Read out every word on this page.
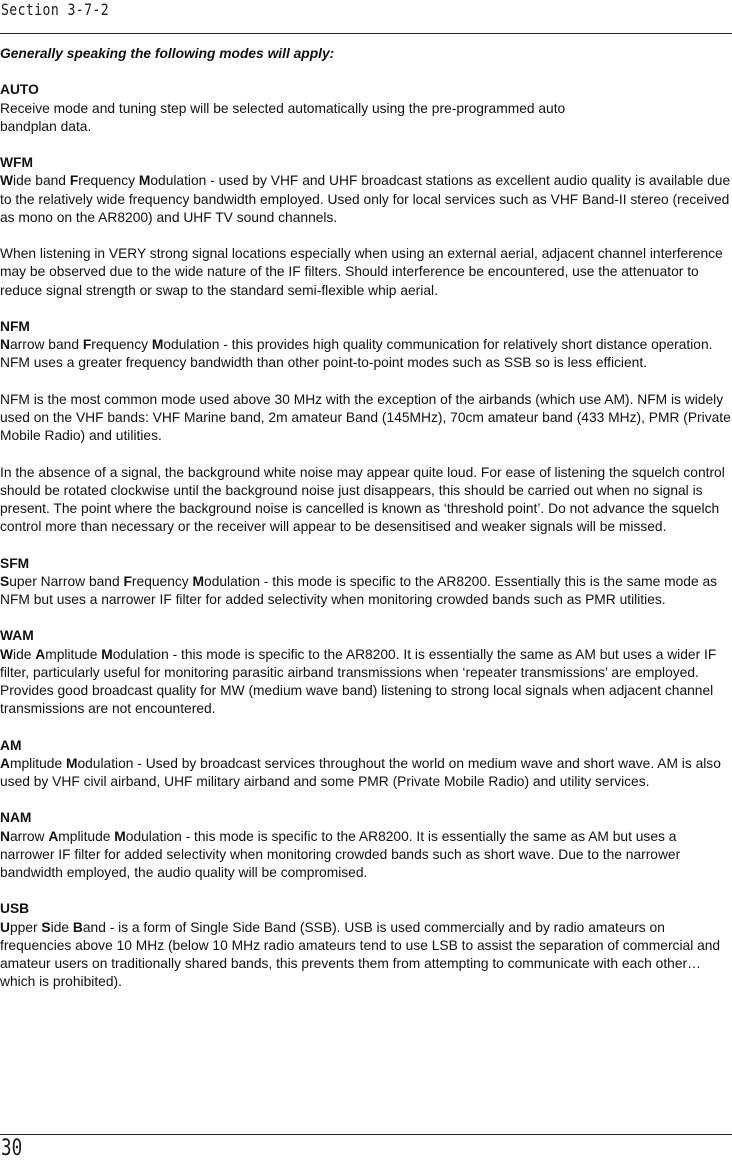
Section 3-7-2

Generally speaking the following modes will apply:

AUTO

Receive mode and tuning step will be selected automatically using the pre-programmed auto
bandplan data.

WFM

Wide band Frequency Modulation - used by VHF and UHF broadcast stations as excellent audio quality is available due to the relatively wide frequency bandwidth employed. Used only for local services such as VHF Band-II stereo (received as mono on the AR8200) and UHF TV sound channels.

When listening in VERY strong signal locations especially when using an external aerial, adjacent channel interference may be observed due to the wide nature of the IF filters. Should interference be encountered, use the attenuator to reduce signal strength or swap to the standard semi-flexible whip aerial.

NFM

Narrow band Frequency Modulation - this provides high quality communication for relatively short distance operation. NFM uses a greater frequency bandwidth than other point-to-point modes such as SSB so is less efficient.

NFM is the most common mode used above 30 MHz with the exception of the airbands (which use AM). NFM is widely used on the VHF bands: VHF Marine band, 2m amateur Band (145MHz), 70cm amateur band (433 MHz), PMR (Private Mobile Radio) and utilities.

In the absence of a signal, the background white noise may appear quite loud. For ease of listening the squelch control should be rotated clockwise until the background noise just disappears, this should be carried out when no signal is present. The point where the background noise is cancelled is known as ‘threshold point’. Do not advance the squelch control more than necessary or the receiver will appear to be desensitised and weaker signals will be missed.

SFM

Super Narrow band Frequency Modulation - this mode is specific to the AR8200. Essentially this is the same mode as NFM but uses a narrower IF filter for added selectivity when monitoring crowded bands such as PMR utilities.

WAM

Wide Amplitude Modulation - this mode is specific to the AR8200. It is essentially the same as AM but uses a wider IF filter, particularly useful for monitoring parasitic airband transmissions when ‘repeater transmissions’ are employed. Provides good broadcast quality for MW (medium wave band) listening to strong local signals when adjacent channel transmissions are not encountered.

AM

Amplitude Modulation - Used by broadcast services throughout the world on medium wave and short wave. AM is also used by VHF civil airband, UHF military airband and some PMR (Private Mobile Radio) and utility services.

NAM

Narrow Amplitude Modulation - this mode is specific to the AR8200. It is essentially the same as AM but uses a narrower IF filter for added selectivity when monitoring crowded bands such as short wave. Due to the narrower bandwidth employed, the audio quality will be compromised.

USB

Upper Side Band - is a form of Single Side Band (SSB). USB is used commercially and by radio amateurs on frequencies above 10 MHz (below 10 MHz radio amateurs tend to use LSB to assist the separation of commercial and amateur users on traditionally shared bands, this prevents them from attempting to communicate with each other… which is prohibited).

30
